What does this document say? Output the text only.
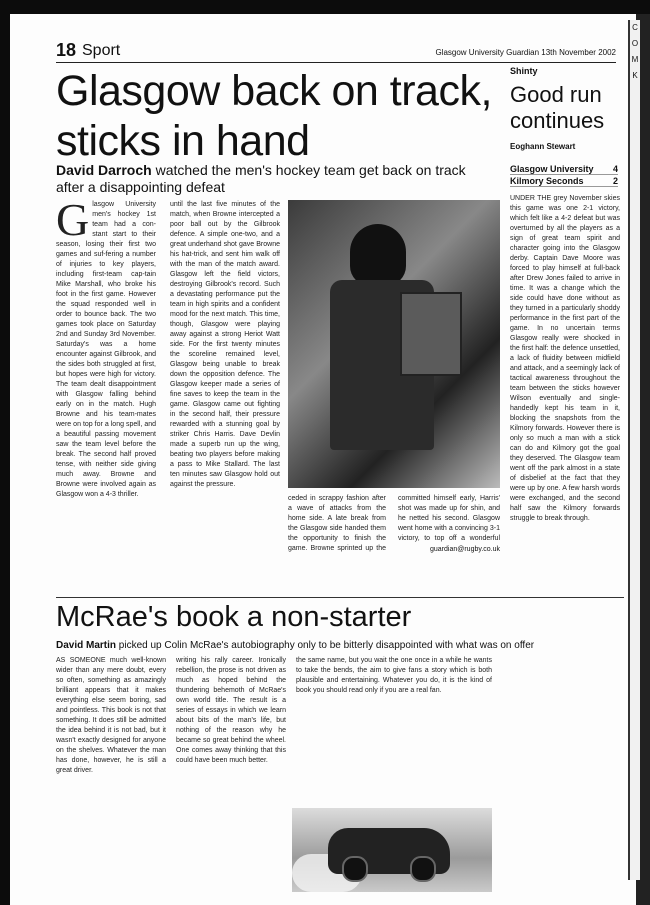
C
O
M
K
18 Sport	Glasgow University Guardian 13th November 2002
Glasgow back on track,
sticks in hand
David Darroch watched the men's hockey team get back on track after a disappointing defeat
Glasgow University men's hockey 1st team had a con-stant start to their season, losing their first two games and suf-fering a number of injuries to key players, including first-team cap-tain Mike Marshall, who broke his foot in the first game. However the squad responded well in order to bounce back. The two games took place on Saturday 2nd and Sunday 3rd November. Saturday's was a home encounter against Gilbrook, and the sides both struggled at first, but hopes were high for victory. The team dealt disappointment with Glasgow falling behind early on in the match. Hugh Browne and his team-mates were on top for a long spell, and a beautiful passing movement saw the team level before the break. The second half proved tense, with neither side giving much away. Browne and Browne were involved again as Glasgow won a 4-3 thriller.
until the last five minutes of the match, when Browne intercepted a poor ball out by the Gilbrook defence. A simple one-two, and a great underhand shot gave Browne his hat-trick, and sent him walk off with the man of the match award. Glasgow left the field victors, destroying Gilbrook's record. Such a devastating performance put the team in high spirits and a confident mood for the next match. This time, though, Glasgow were playing away against a strong Heriot Watt side. For the first twenty minutes the scoreline remained level, Glasgow being unable to break down the opposition defence. The Glasgow keeper made a series of fine saves to keep the team in the game. Glasgow came out fighting in the second half, their pressure rewarded with a stunning goal by striker Chris Harris. Dave Devlin made a superb run up the wing, beating two players before making a pass to Mike Stallard. The last ten minutes saw Glasgow hold out against the pressure.
ceded in scrappy fashion after a wave of attacks from the home side. A late break from the Glasgow side handed them the opportunity to finish the game. Browne sprinted up the
committed himself early, Harris' shot was made up for shin, and he netted his second. Glasgow went home with a convincing 3-1 victory, to top off a wonderful
guardian@rugby.co.uk
Shinty
Good run continues
Eoghann Stewart
4
Glasgow University
2
Kilmory Seconds
UNDER THE grey November skies this game was one 2-1 victory, which felt like a 4-2 defeat but was overturned by all the players as a sign of great team spirit and character going into the Glasgow derby. Captain Dave Moore was forced to play himself at full-back after Drew Jones failed to arrive in time. It was a change which the side could have done without as they turned in a particularly shoddy performance in the first part of the game. In no uncertain terms Glasgow really were shocked in the first half: the defence unsettled, a lack of fluidity between midfield and attack, and a seemingly lack of tactical awareness throughout the team between the sticks however Wilson eventually and single-handedly kept his team in it, blocking the snapshots from the Kilmory forwards. However there is only so much a man with a stick can do and Kilmory got the goal they deserved. The Glasgow team went off the park almost in a state of disbelief at the fact that they were up by one. A few harsh words were exchanged, and the second half saw the Kilmory forwards struggle to break through.
McRae's book a non-starter
David Martin picked up Colin McRae's autobiography only to be bitterly disappointed with what was on offer
AS SOMEONE much well-known wider than any mere doubt, every so often, something as amazingly brilliant appears that it makes everything else seem boring, sad and pointless. This book is not that something. It does still be admitted the idea behind it is not bad, but it wasn't exactly designed for anyone on the shelves. Whatever the man has done, however, he is still a great driver.
writing his rally career. Ironically rebellion, the prose is not driven as much as hoped behind the thundering behemoth of McRae's own world title. The result is a series of essays in which we learn about bits of the man's life, but nothing of the reason why he became so great behind the wheel. One comes away thinking that this could have been much better.
the same name, but you wait the one once in a while he wants to take the bends, the aim to give fans a story which is both plausible and entertaining. Whatever you do, it is the kind of book you should read only if you are a real fan.
